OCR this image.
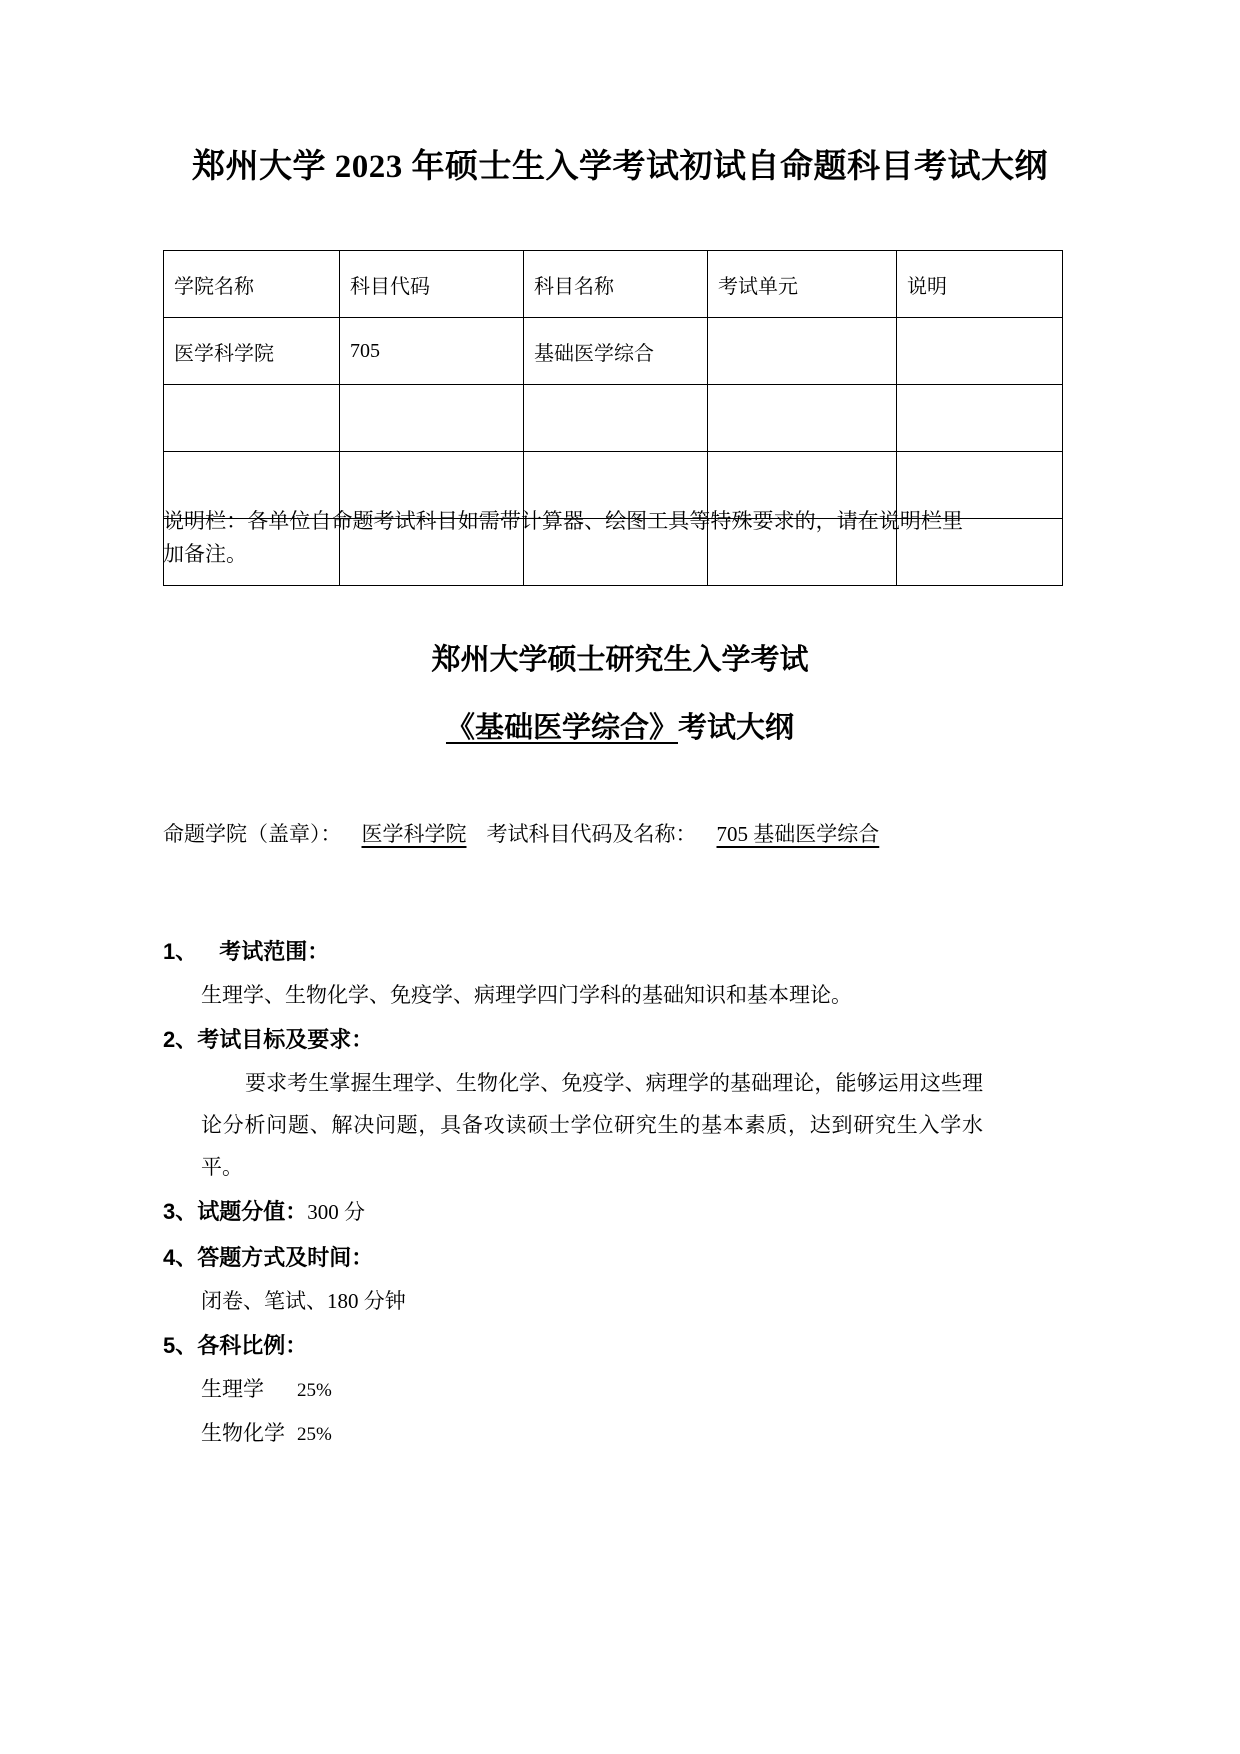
郑州大学 2023 年硕士生入学考试初试自命题科目考试大纲
学院名称	科目代码	科目名称	考试单元	说明
医学科学院	705	基础医学综合		

说明栏：各单位自命题考试科目如需带计算器、绘图工具等特殊要求的，请在说明栏里加备注。
郑州大学硕士研究生入学考试
《基础医学综合》考试大纲
命题学院（盖章）： 医学科学院 考试科目代码及名称： 705 基础医学综合
1、 考试范围：
生理学、生物化学、免疫学、病理学四门学科的基础知识和基本理论。
2、考试目标及要求：
要求考生掌握生理学、生物化学、免疫学、病理学的基础理论，能够运用这些理论分析问题、解决问题，具备攻读硕士学位研究生的基本素质，达到研究生入学水平。
3、试题分值：300 分
4、答题方式及时间：
闭卷、笔试、180 分钟
5、各科比例：
生理学 25%
生物化学 25%
